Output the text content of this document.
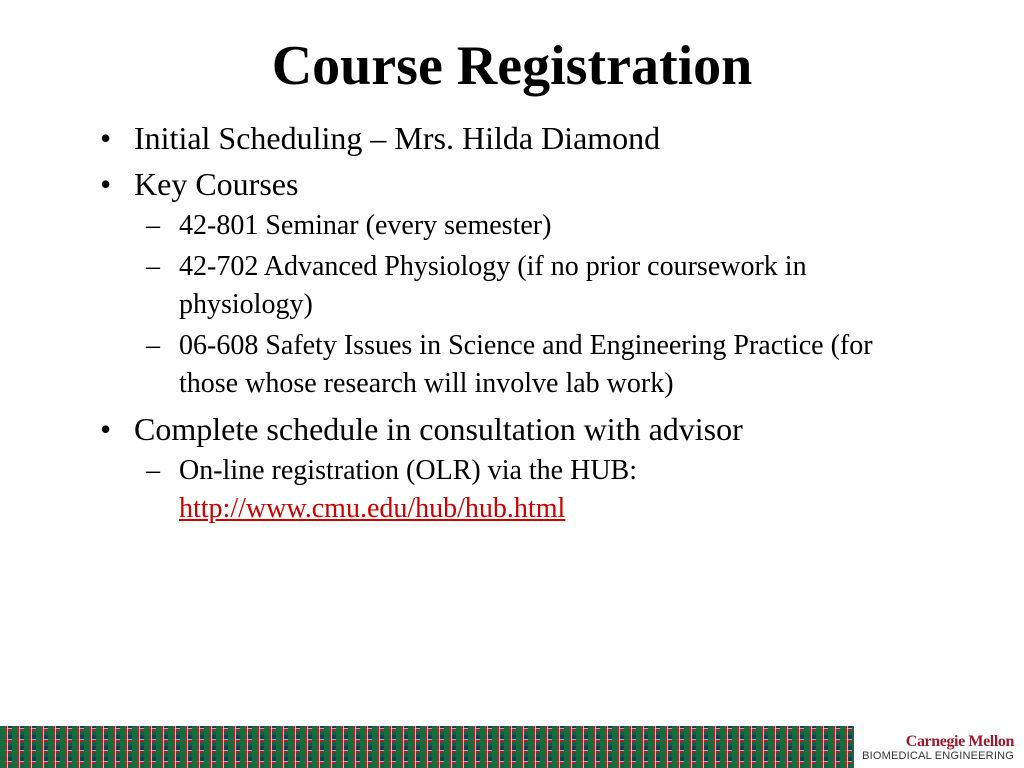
Course Registration
• Initial Scheduling – Mrs. Hilda Diamond
• Key Courses
– 42-801 Seminar (every semester)
– 42-702 Advanced Physiology (if no prior coursework in physiology)
– 06-608 Safety Issues in Science and Engineering Practice (for those whose research will involve lab work)
• Complete schedule in consultation with advisor
– On-line registration (OLR) via the HUB:
http://www.cmu.edu/hub/hub.html
Carnegie Mellon
BIOMEDICAL ENGINEERING
